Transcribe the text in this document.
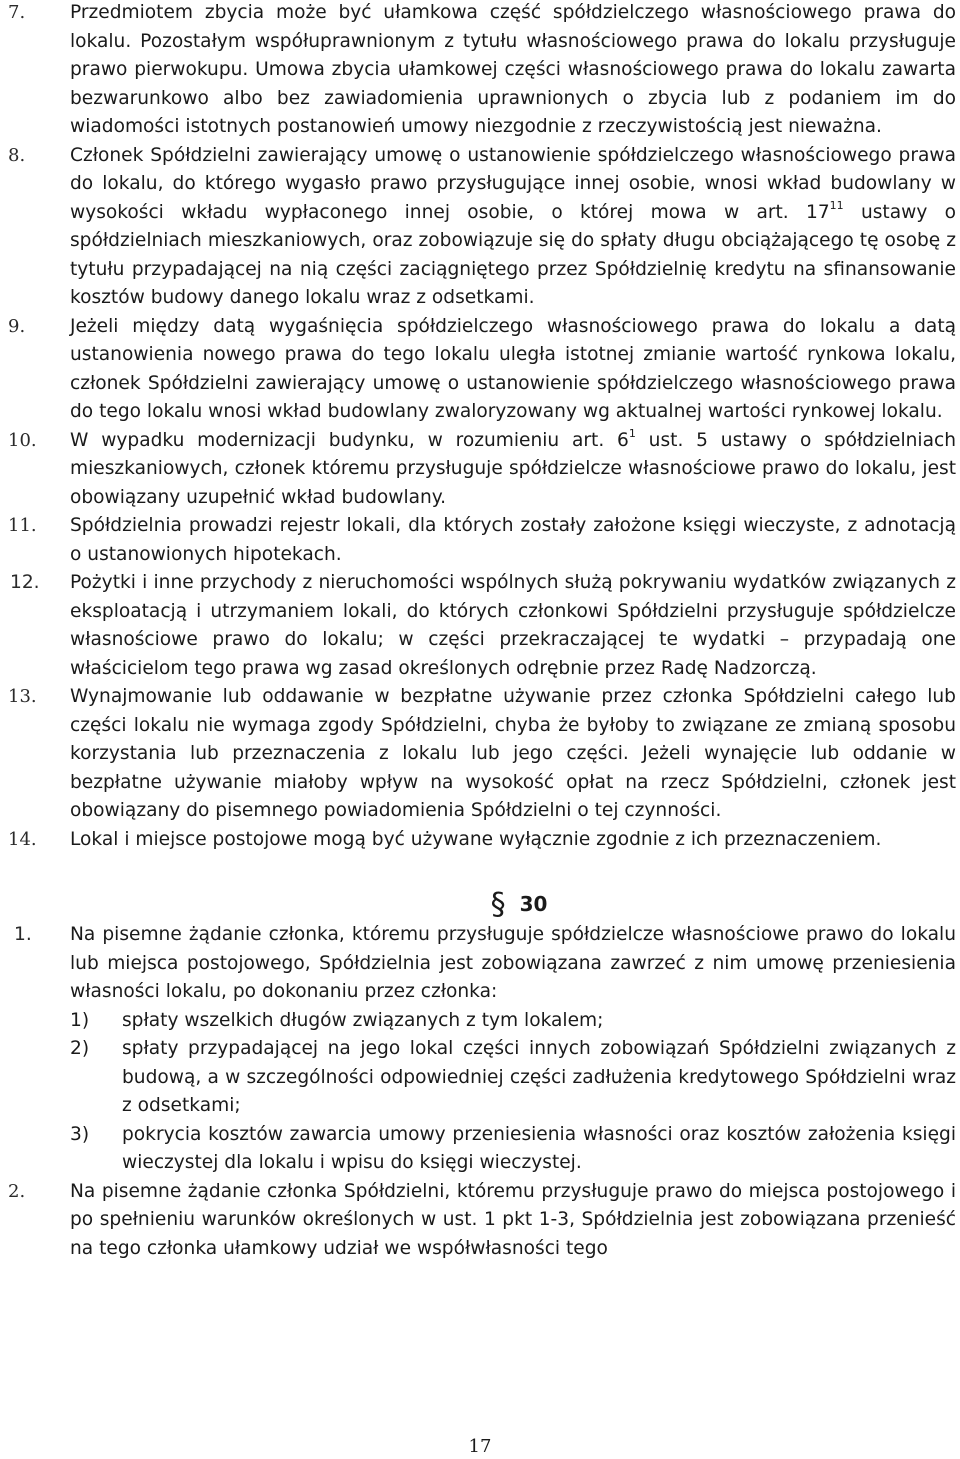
7. Przedmiotem zbycia może być ułamkowa część spółdzielczego własnościowego prawa do lokalu. Pozostałym współuprawnionym z tytułu własnościowego prawa do lokalu przysługuje prawo pierwokupu. Umowa zbycia ułamkowej części własnościowego prawa do lokalu zawarta bezwarunkowo albo bez zawiadomienia uprawnionych o zbycia lub z podaniem im do wiadomości istotnych postanowień umowy niezgodnie z rzeczywistością jest nieważna.
8. Członek Spółdzielni zawierający umowę o ustanowienie spółdzielczego własnościowego prawa do lokalu, do którego wygasło prawo przysługujące innej osobie, wnosi wkład budowlany w wysokości wkładu wypłaconego innej osobie, o której mowa w art. $17^{11}$ ustawy o spółdzielniach mieszkaniowych, oraz zobowiązuje się do spłaty długu obciążającego tę osobę z tytułu przypadającej na nią części zaciągniętego przez Spółdzielnię kredytu na sfinansowanie kosztów budowy danego lokalu wraz z odsetkami.
9. Jeżeli między datą wygaśnięcia spółdzielczego własnościowego prawa do lokalu a datą ustanowienia nowego prawa do tego lokalu uległa istotnej zmianie wartość rynkowa lokalu, członek Spółdzielni zawierający umowę o ustanowienie spółdzielczego własnościowego prawa do tego lokalu wnosi wkład budowlany zwaloryzowany wg aktualnej wartości rynkowej lokalu.
10. W wypadku modernizacji budynku, w rozumieniu art. $6^1$ ust. 5 ustawy o spółdzielniach mieszkaniowych, członek któremu przysługuje spółdzielcze własnościowe prawo do lokalu, jest obowiązany uzupełnić wkład budowlany.
11. Spółdzielnia prowadzi rejestr lokali, dla których zostały założone księgi wieczyste, z adnotacją o ustanowionych hipotekach.
12. Pożytki i inne przychody z nieruchomości wspólnych służą pokrywaniu wydatków związanych z eksploatacją i utrzymaniem lokali, do których członkowi Spółdzielni przysługuje spółdzielcze własnościowe prawo do lokalu; w części przekraczającej te wydatki – przypadają one właścicielom tego prawa wg zasad określonych odrębnie przez Radę Nadzorczą.
13. Wynajmowanie lub oddawanie w bezpłatne używanie przez członka Spółdzielni całego lub części lokalu nie wymaga zgody Spółdzielni, chyba że byłoby to związane ze zmianą sposobu korzystania lub przeznaczenia z lokalu lub jego części. Jeżeli wynajęcie lub oddanie w bezpłatne używanie miałoby wpływ na wysokość opłat na rzecz Spółdzielni, członek jest obowiązany do pisemnego powiadomienia Spółdzielni o tej czynności.
14. Lokal i miejsce postojowe mogą być używane wyłącznie zgodnie z ich przeznaczeniem.
§ 30
1. Na pisemne żądanie członka, któremu przysługuje spółdzielcze własnościowe prawo do lokalu lub miejsca postojowego, Spółdzielnia jest zobowiązana zawrzeć z nim umowę przeniesienia własności lokalu, po dokonaniu przez członka:
1) spłaty wszelkich długów związanych z tym lokalem;
2) spłaty przypadającej na jego lokal części innych zobowiązań Spółdzielni związanych z budową, a w szczególności odpowiedniej części zadłużenia kredytowego Spółdzielni wraz z odsetkami;
3) pokrycia kosztów zawarcia umowy przeniesienia własności oraz kosztów założenia księgi wieczystej dla lokalu i wpisu do księgi wieczystej.
2. Na pisemne żądanie członka Spółdzielni, któremu przysługuje prawo do miejsca postojowego i po spełnieniu warunków określonych w ust. 1 pkt 1-3, Spółdzielnia jest zobowiązana przenieść na tego członka ułamkowy udział we współwłasności tego
17
